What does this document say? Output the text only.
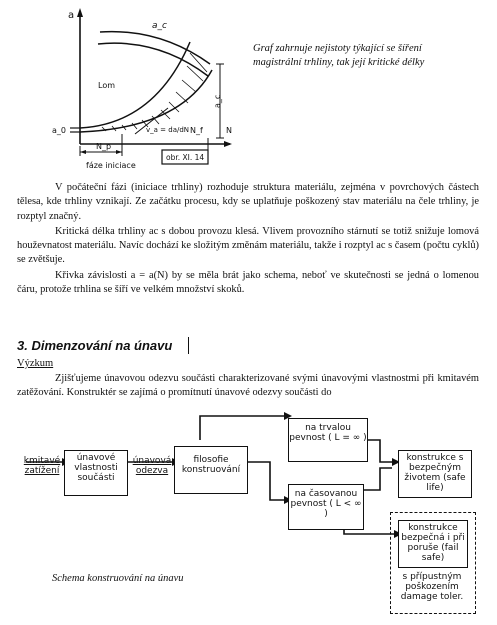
a
a_c
Lom
a_0
a_c
v_a = da/dN N_f	N
N_p
fáze iniciace
obr. XI. 14
Graf zahrnuje nejistoty týkající se šíření magistrální trhliny, tak její kritické délky

V počáteční fázi (iniciace trhliny) rozhoduje struktura materiálu, zejména v povrchových částech tělesa, kde trhliny vznikají. Ze začátku procesu, kdy se uplatňuje poškozený stav materiálu na čele trhliny, je rozptyl značný.

Kritická délka trhliny ac s dobou provozu klesá. Vlivem provozního stárnutí se totiž snižuje lomová houževnatost materiálu. Navíc dochází ke složitým změnám materiálu, takže i rozptyl ac s časem (počtu cyklů) se zvětšuje.

Křivka závislosti a = a(N) by se měla brát jako schema, neboť ve skutečnosti se jedná o lomenou čáru, protože trhlina se šíří ve velkém množství skoků.

3. Dimenzování na únavu
Výzkum

Zjišťujeme únavovou odezvu součásti charakterizované svými únavovými vlastnostmi při kmitavém zatěžování. Konstruktér se zajímá o promítnutí únavové odezvy součásti do

kmitavé zatížení
únavové vlastnosti součásti
únavová odezva
filosofie konstruování
na trvalou pevnost ( L = ∞ )
na časovanou pevnost ( L < ∞ )
konstrukce s bezpečným životem (safe life)
konstrukce bezpečná i při poruše (fail safe)
s přípustným poškozením damage toler.
Schema konstruování na únavu
